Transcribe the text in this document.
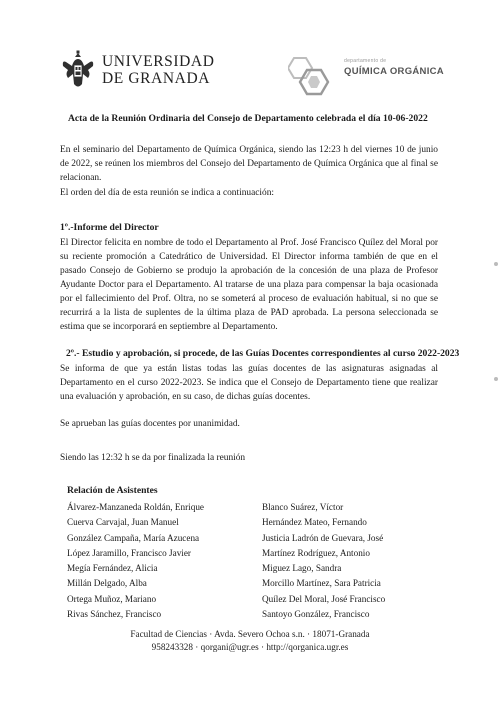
UNIVERSIDAD
DE GRANADA
departamento de
QUÍMICA ORGÁNICA
Acta de la Reunión Ordinaria del Consejo de Departamento celebrada el día 10-06-2022
En el seminario del Departamento de Química Orgánica, siendo las 12:23 h del viernes 10 de junio de 2022, se reúnen los miembros del Consejo del Departamento de Química Orgánica que al final se relacionan.
El orden del día de esta reunión se indica a continuación:
1º.-Informe del Director
El Director felicita en nombre de todo el Departamento al Prof. José Francisco Quílez del Moral por su reciente promoción a Catedrático de Universidad. El Director informa también de que en el pasado Consejo de Gobierno se produjo la aprobación de la concesión de una plaza de Profesor Ayudante Doctor para el Departamento. Al tratarse de una plaza para compensar la baja ocasionada por el fallecimiento del Prof. Oltra, no se someterá al proceso de evaluación habitual, si no que se recurrirá a la lista de suplentes de la última plaza de PAD aprobada. La persona seleccionada se estima que se incorporará en septiembre al Departamento.
2º.- Estudio y aprobación, si procede, de las Guías Docentes correspondientes al curso 2022-2023
Se informa de que ya están listas todas las guías docentes de las asignaturas asignadas al Departamento en el curso 2022-2023. Se indica que el Consejo de Departamento tiene que realizar una evaluación y aprobación, en su caso, de dichas guías docentes.
Se aprueban las guías docentes por unanimidad.
Siendo las 12:32 h se da por finalizada la reunión
Relación de Asistentes
Álvarez-Manzaneda Roldán, Enrique
Cuerva Carvajal, Juan Manuel
González Campaña, María Azucena
López Jaramillo, Francisco Javier
Megía Fernández, Alicia
Millán Delgado, Alba
Ortega Muñoz, Mariano
Rivas Sánchez, Francisco
Blanco Suárez, Víctor
Hernández Mateo, Fernando
Justicia Ladrón de Guevara, José
Martínez Rodríguez, Antonio
Miguez Lago, Sandra
Morcillo Martínez, Sara Patricia
Quílez Del Moral, José Francisco
Santoyo González, Francisco
Facultad de Ciencias · Avda. Severo Ochoa s.n. · 18071-Granada
958243328 · qorgani@ugr.es · http://qorganica.ugr.es
